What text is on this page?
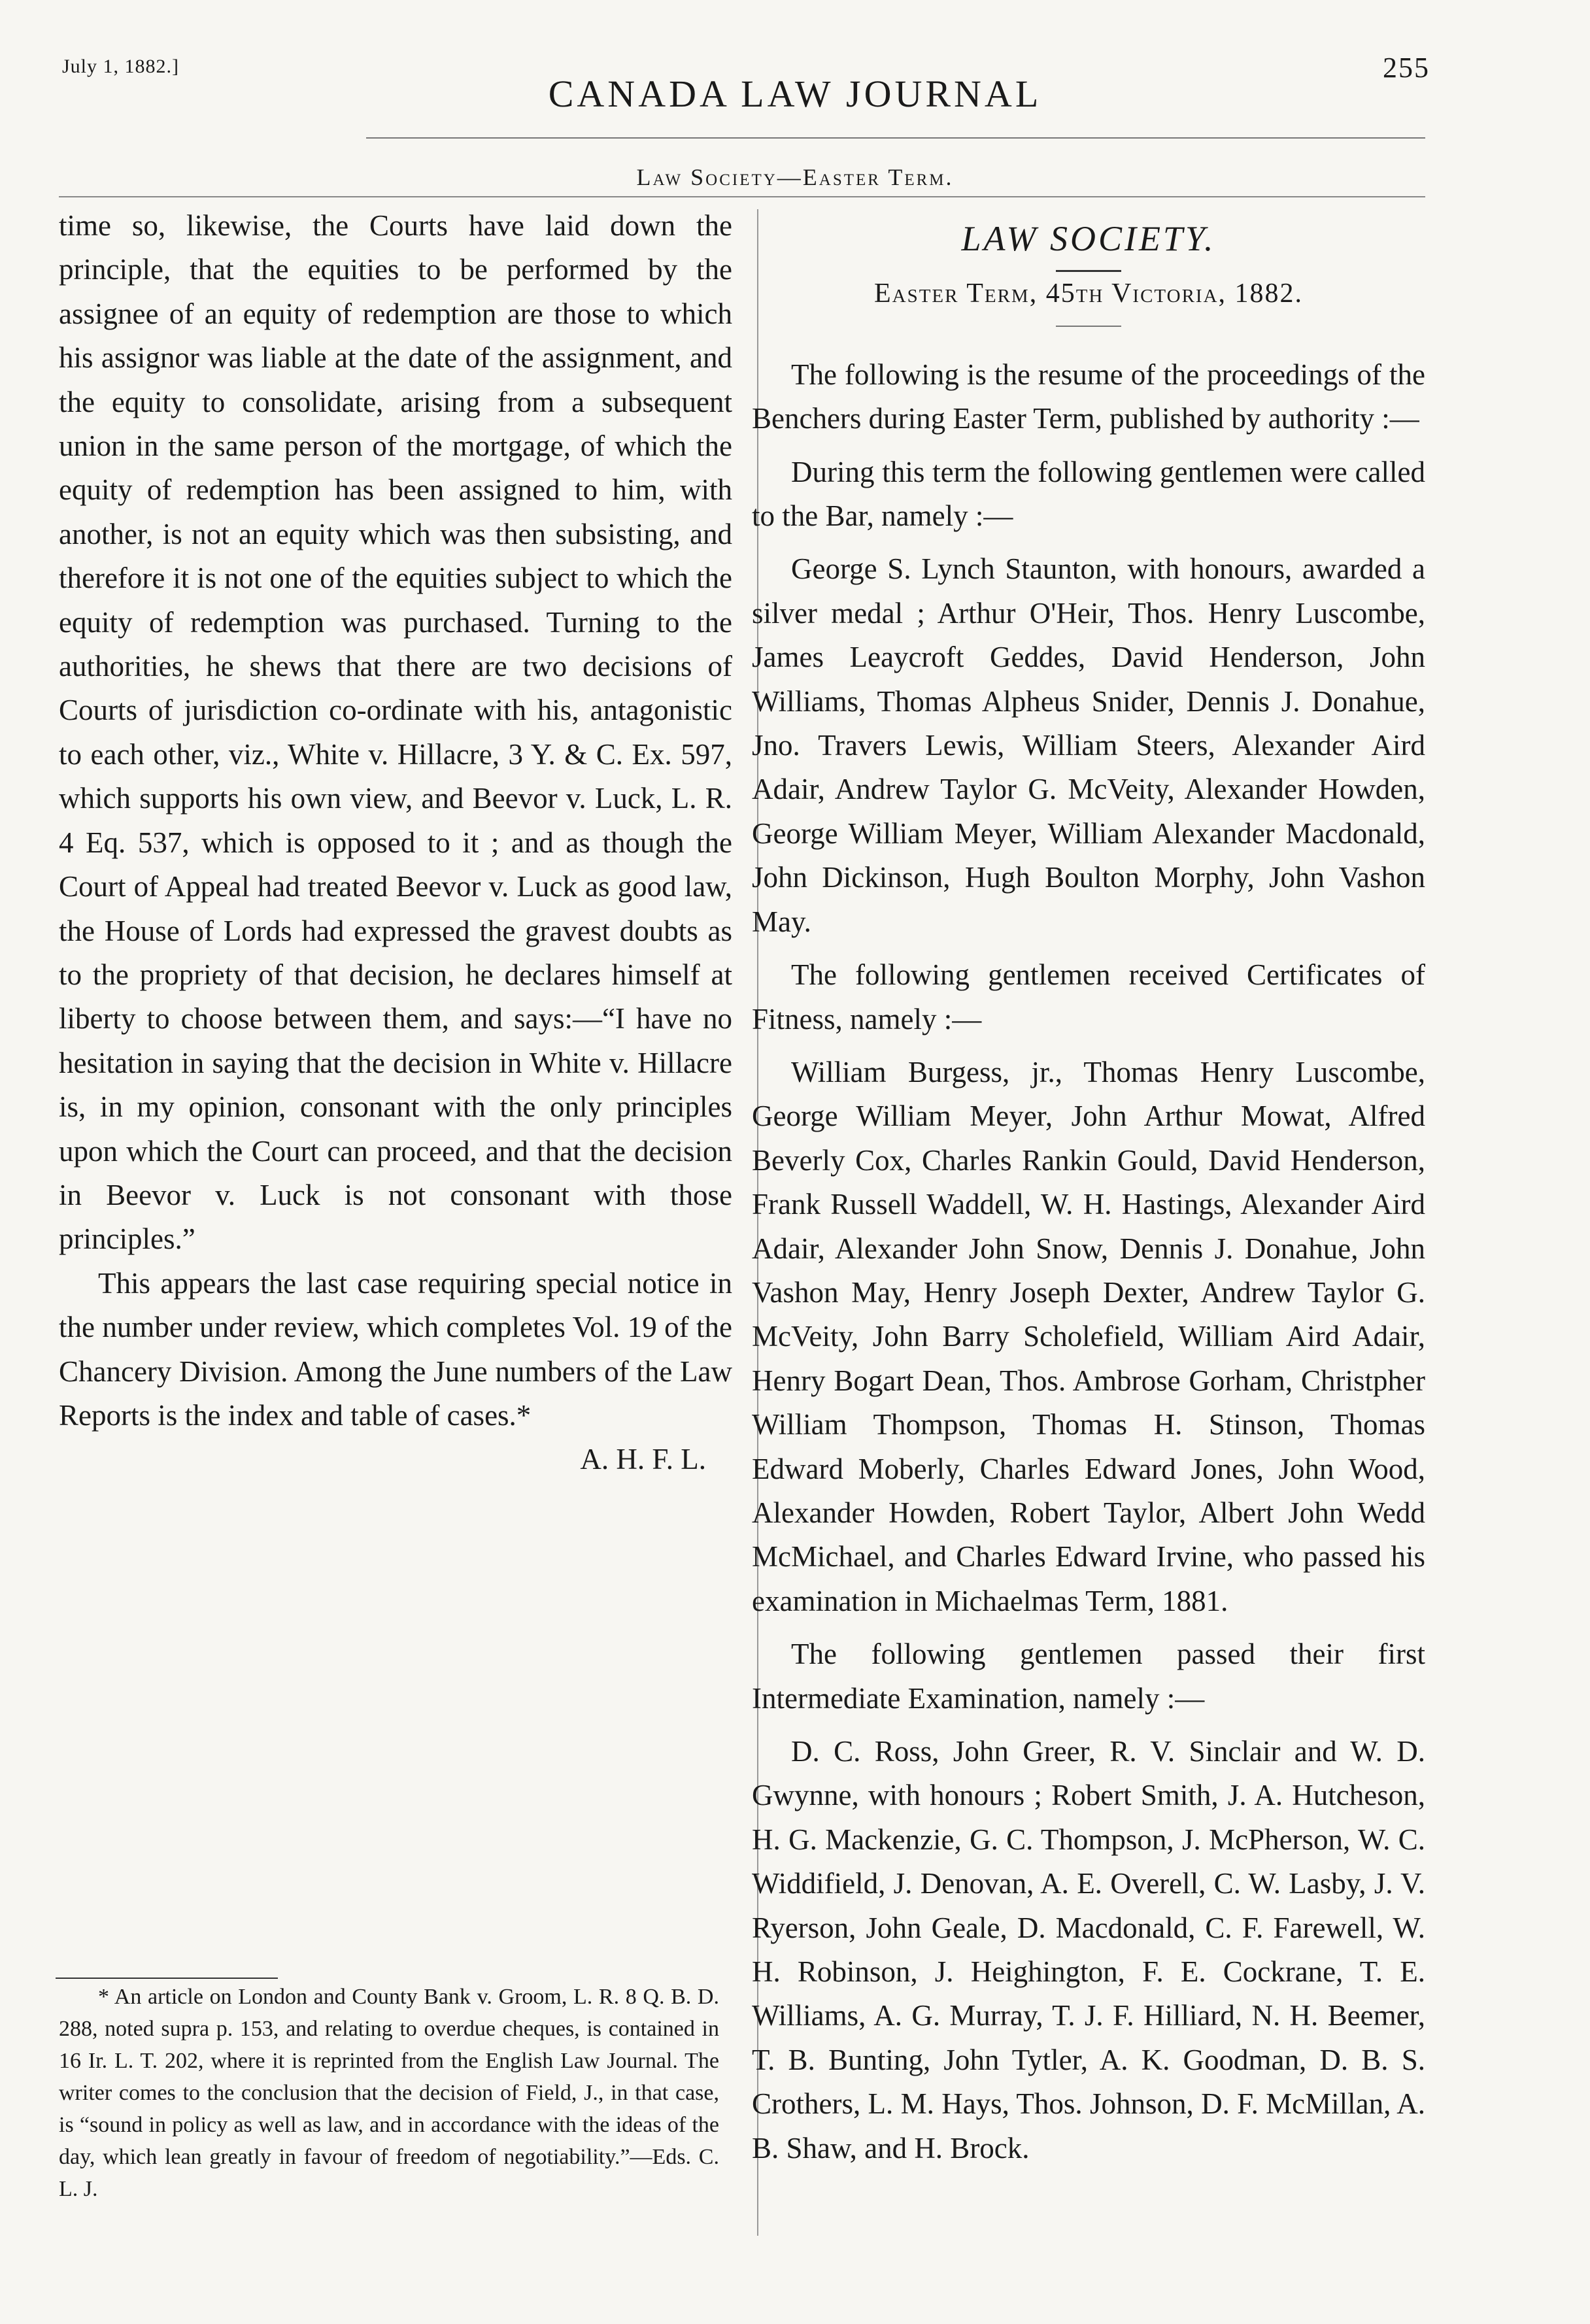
July 1, 1882.]
CANADA LAW JOURNAL
255
Law Society—Easter Term.

time so, likewise, the Courts have laid down the principle, that the equities to be performed by the assignee of an equity of redemption are those to which his assignor was liable at the date of the assignment, and the equity to consolidate, arising from a subsequent union in the same person of the mortgage, of which the equity of redemption has been assigned to him, with another, is not an equity which was then subsisting, and therefore it is not one of the equities subject to which the equity of redemption was purchased. Turning to the authorities, he shews that there are two decisions of Courts of jurisdiction co-ordinate with his, antagonistic to each other, viz., White v. Hillacre, 3 Y. & C. Ex. 597, which supports his own view, and Beevor v. Luck, L. R. 4 Eq. 537, which is opposed to it ; and as though the Court of Appeal had treated Beevor v. Luck as good law, the House of Lords had expressed the gravest doubts as to the propriety of that decision, he declares himself at liberty to choose between them, and says:—“I have no hesitation in saying that the decision in White v. Hillacre is, in my opinion, consonant with the only principles upon which the Court can proceed, and that the decision in Beevor v. Luck is not consonant with those principles.”

This appears the last case requiring special notice in the number under review, which completes Vol. 19 of the Chancery Division. Among the June numbers of the Law Reports is the index and table of cases.*

A. H. F. L.

* An article on London and County Bank v. Groom, L. R. 8 Q. B. D. 288, noted supra p. 153, and relating to overdue cheques, is contained in 16 Ir. L. T. 202, where it is reprinted from the English Law Journal. The writer comes to the conclusion that the decision of Field, J., in that case, is “sound in policy as well as law, and in accordance with the ideas of the day, which lean greatly in favour of freedom of negotiability.”—Eds. C. L. J.

LAW SOCIETY.

Easter Term, 45th Victoria, 1882.

The following is the resume of the proceedings of the Benchers during Easter Term, published by authority :—

During this term the following gentlemen were called to the Bar, namely :—

George S. Lynch Staunton, with honours, awarded a silver medal ; Arthur O'Heir, Thos. Henry Luscombe, James Leaycroft Geddes, David Henderson, John Williams, Thomas Alpheus Snider, Dennis J. Donahue, Jno. Travers Lewis, William Steers, Alexander Aird Adair, Andrew Taylor G. McVeity, Alexander Howden, George William Meyer, William Alexander Macdonald, John Dickinson, Hugh Boulton Morphy, John Vashon May.

The following gentlemen received Certificates of Fitness, namely :—

William Burgess, jr., Thomas Henry Luscombe, George William Meyer, John Arthur Mowat, Alfred Beverly Cox, Charles Rankin Gould, David Henderson, Frank Russell Waddell, W. H. Hastings, Alexander Aird Adair, Alexander John Snow, Dennis J. Donahue, John Vashon May, Henry Joseph Dexter, Andrew Taylor G. McVeity, John Barry Scholefield, William Aird Adair, Henry Bogart Dean, Thos. Ambrose Gorham, Christpher William Thompson, Thomas H. Stinson, Thomas Edward Moberly, Charles Edward Jones, John Wood, Alexander Howden, Robert Taylor, Albert John Wedd McMichael, and Charles Edward Irvine, who passed his examination in Michaelmas Term, 1881.

The following gentlemen passed their first Intermediate Examination, namely :—

D. C. Ross, John Greer, R. V. Sinclair and W. D. Gwynne, with honours ; Robert Smith, J. A. Hutcheson, H. G. Mackenzie, G. C. Thompson, J. McPherson, W. C. Widdifield, J. Denovan, A. E. Overell, C. W. Lasby, J. V. Ryerson, John Geale, D. Macdonald, C. F. Farewell, W. H. Robinson, J. Heighington, F. E. Cockrane, T. E. Williams, A. G. Murray, T. J. F. Hilliard, N. H. Beemer, T. B. Bunting, John Tytler, A. K. Goodman, D. B. S. Crothers, L. M. Hays, Thos. Johnson, D. F. McMillan, A. B. Shaw, and H. Brock.
